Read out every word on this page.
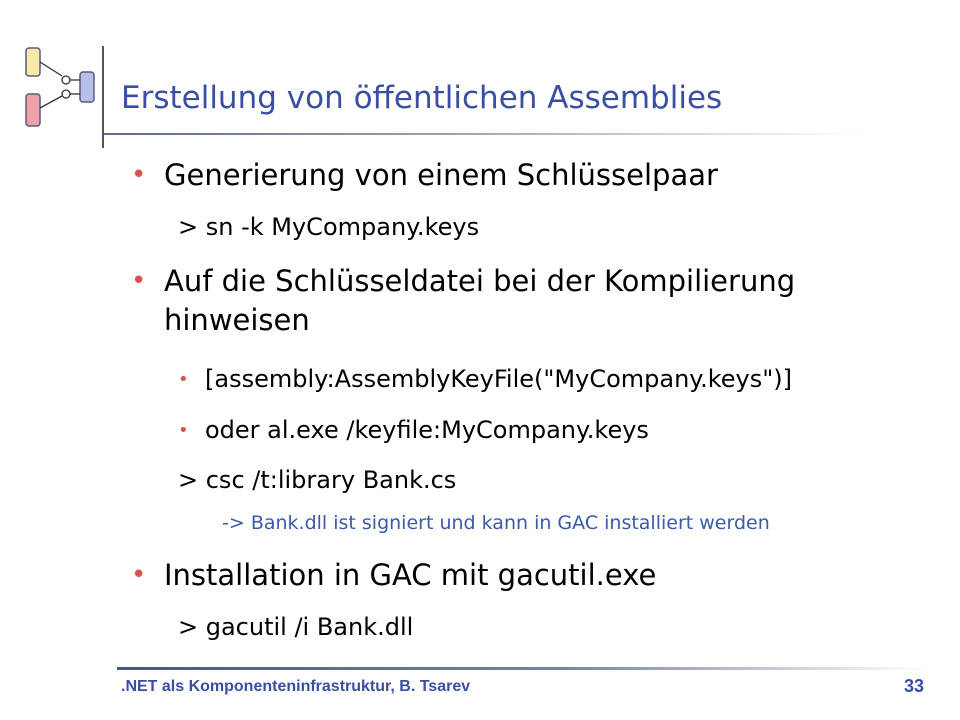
Erstellung von öffentlichen Assemblies
• Generierung von einem Schlüsselpaar
> sn -k MyCompany.keys
• Auf die Schlüsseldatei bei der Kompilierung
hinweisen
• [assembly:AssemblyKeyFile("MyCompany.keys")]
• oder al.exe /keyfile:MyCompany.keys
> csc /t:library Bank.cs
-> Bank.dll ist signiert und kann in GAC installiert werden
• Installation in GAC mit gacutil.exe
> gacutil /i Bank.dll
.NET als Komponenteninfrastruktur, B. Tsarev	33
